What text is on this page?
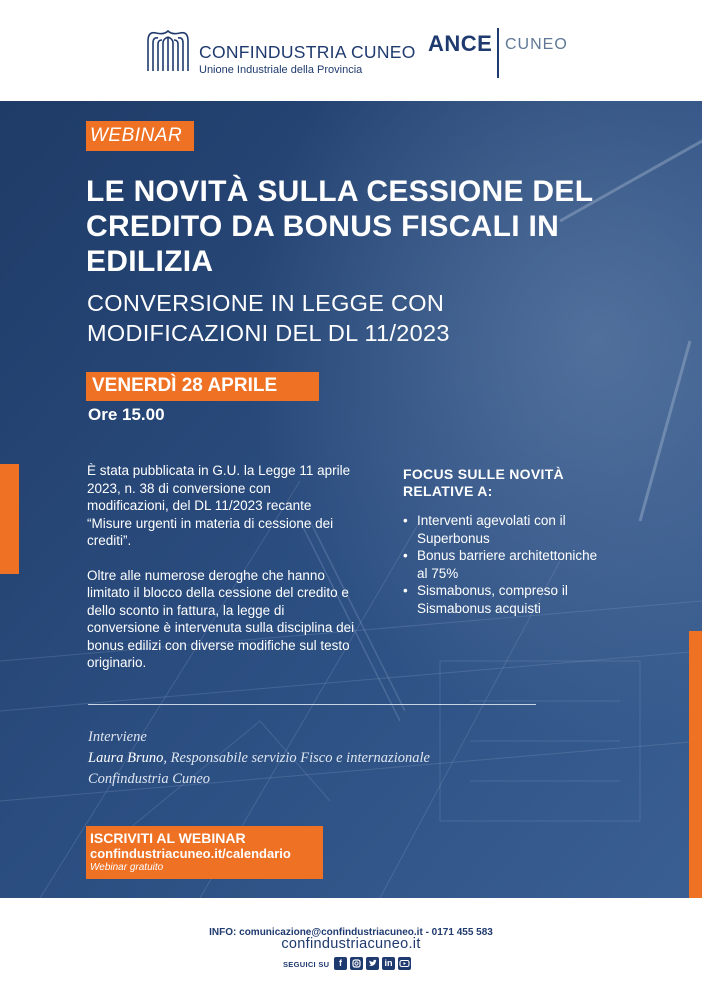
CONFINDUSTRIA CUNEO
Unione Industriale della Provincia
ANCE CUNEO
WEBINAR
LE NOVITÀ SULLA CESSIONE DEL CREDITO DA BONUS FISCALI IN EDILIZIA
CONVERSIONE IN LEGGE CON MODIFICAZIONI DEL DL 11/2023
VENERDÌ 28 APRILE
Ore 15.00

È stata pubblicata in G.U. la Legge 11 aprile 2023, n. 38 di conversione con modificazioni, del DL 11/2023 recante “Misure urgenti in materia di cessione dei crediti”.

Oltre alle numerose deroghe che hanno limitato il blocco della cessione del credito e dello sconto in fattura, la legge di conversione è intervenuta sulla disciplina dei bonus edilizi con diverse modifiche sul testo originario.

FOCUS SULLE NOVITÀ RELATIVE A:
• Interventi agevolati con il Superbonus
• Bonus barriere architettoniche al 75%
• Sismabonus, compreso il Sismabonus acquisti
Interviene
Laura Bruno, Responsabile servizio Fisco e internazionale
Confindustria Cuneo
ISCRIVITI AL WEBINAR
confindustriacuneo.it/calendario
Webinar gratuito
INFO: comunicazione@confindustriacuneo.it - 0171 455 583
confindustriacuneo.it
SEGUICI SU	f	in
